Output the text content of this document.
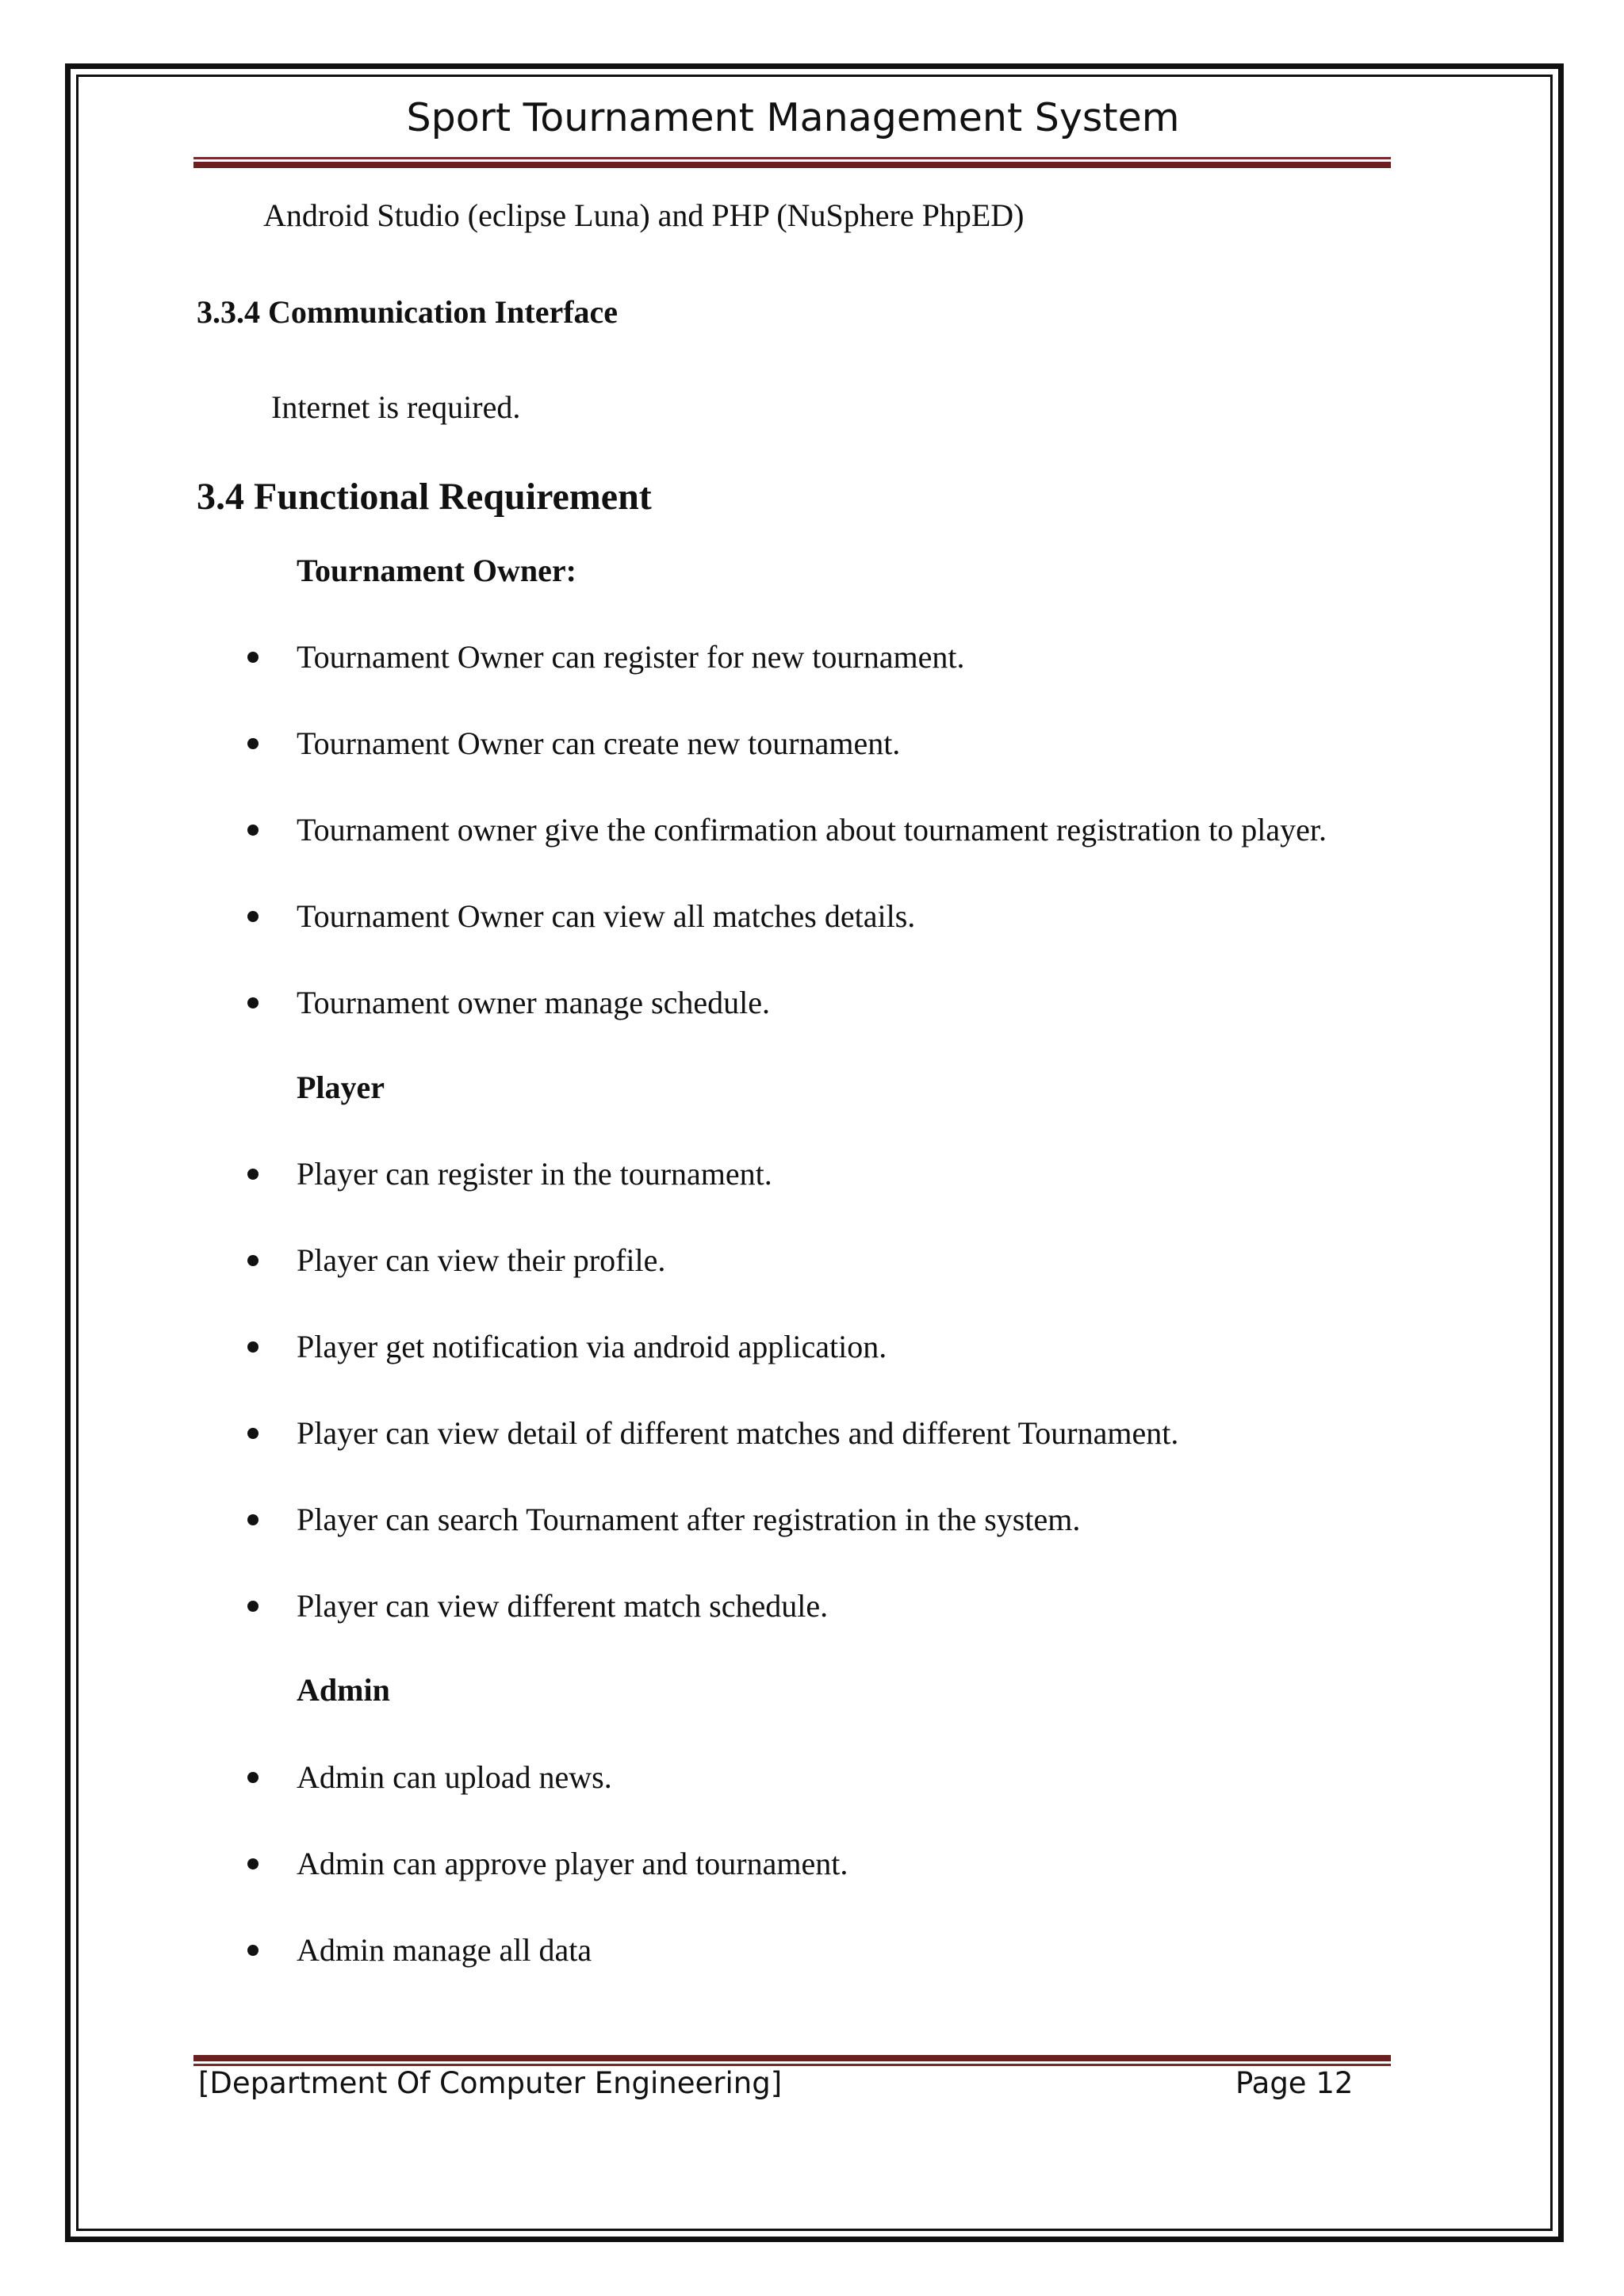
Sport Tournament Management System
Android Studio (eclipse Luna) and PHP (NuSphere PhpED)
3.3.4 Communication Interface
Internet is required.
3.4 Functional Requirement
Tournament Owner:
Tournament Owner can register for new tournament.
Tournament Owner can create new tournament.
Tournament owner give the confirmation about tournament registration to player.
Tournament Owner can view all matches details.
Tournament owner manage schedule.
Player
Player can register in the tournament.
Player can view their profile.
Player get notification via android application.
Player can view detail of different matches and different Tournament.
Player can search Tournament after registration in the system.
Player can view different match schedule.
Admin
Admin can upload news.
Admin can approve player and tournament.
Admin manage all data
[Department Of Computer Engineering]	Page 12
